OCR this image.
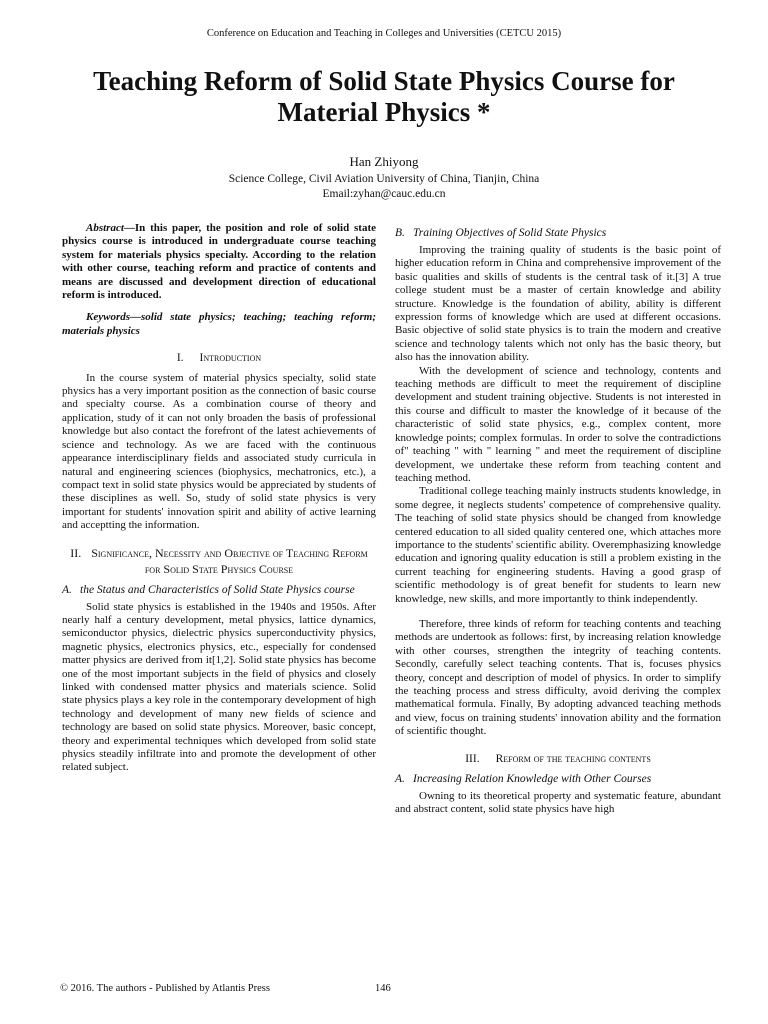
Conference on Education and Teaching in Colleges and Universities (CETCU 2015)
Teaching Reform of Solid State Physics Course for Material Physics *
Han Zhiyong
Science College, Civil Aviation University of China, Tianjin, China
Email:zyhan@cauc.edu.cn

Abstract—In this paper, the position and role of solid state physics course is introduced in undergraduate course teaching system for materials physics specialty. According to the relation with other course, teaching reform and practice of contents and means are discussed and development direction of educational reform is introduced.

Keywords—solid state physics; teaching; teaching reform; materials physics

I. Introduction

In the course system of material physics specialty, solid state physics has a very important position as the connection of basic course and specialty course. As a combination course of theory and application, study of it can not only broaden the basis of professional knowledge but also contact the forefront of the latest achievements of science and technology. As we are faced with the continuous appearance interdisciplinary fields and associated study curricula in natural and engineering sciences (biophysics, mechatronics, etc.), a compact text in solid state physics would be appreciated by students of these disciplines as well. So, study of solid state physics is very important for students' innovation spirit and ability of active learning and acceptting the information.

II. Significance, Necessity and Objective of Teaching Reform for Solid State Physics Course
A. the Status and Characteristics of Solid State Physics course

Solid state physics is established in the 1940s and 1950s. After nearly half a century development, metal physics, lattice dynamics, semiconductor physics, dielectric physics superconductivity physics, magnetic physics, electronics physics, etc., especially for condensed matter physics are derived from it[1,2]. Solid state physics has become one of the most important subjects in the field of physics and closely linked with condensed matter physics and materials science. Solid state physics plays a key role in the contemporary development of high technology and development of many new fields of science and technology are based on solid state physics. Moreover, basic concept, theory and experimental techniques which developed from solid state physics steadily infiltrate into and promote the development of other related subject.

B. Training Objectives of Solid State Physics

Improving the training quality of students is the basic point of higher education reform in China and comprehensive improvement of the basic qualities and skills of students is the central task of it.[3] A true college student must be a master of certain knowledge and ability structure. Knowledge is the foundation of ability, ability is different expression forms of knowledge which are used at different occasions. Basic objective of solid state physics is to train the modern and creative science and technology talents which not only has the basic theory, but also has the innovation ability.

With the development of science and technology, contents and teaching methods are difficult to meet the requirement of discipline development and student training objective. Students is not interested in this course and difficult to master the knowledge of it because of the characteristic of solid state physics, e.g., complex content, more knowledge points; complex formulas. In order to solve the contradictions of" teaching " with " learning " and meet the requirement of discipline development, we undertake these reform from teaching content and teaching method.

Traditional college teaching mainly instructs students knowledge, in some degree, it neglects students' competence of comprehensive quality. The teaching of solid state physics should be changed from knowledge centered education to all sided quality centered one, which attaches more importance to the students' scientific ability. Overemphasizing knowledge education and ignoring quality education is still a problem existing in the current teaching for engineering students. Having a good grasp of scientific methodology is of great benefit for students to learn new knowledge, new skills, and more importantly to think independently.

Therefore, three kinds of reform for teaching contents and teaching methods are undertook as follows: first, by increasing relation knowledge with other courses, strengthen the integrity of teaching contents. Secondly, carefully select teaching contents. That is, focuses physics theory, concept and description of model of physics. In order to simplify the teaching process and stress difficulty, avoid deriving the complex mathematical formula. Finally, By adopting advanced teaching methods and view, focus on training students' innovation ability and the formation of scientific thought.

III. Reform of the teaching contents
A. Increasing Relation Knowledge with Other Courses

Owning to its theoretical property and systematic feature, abundant and abstract content, solid state physics have high

© 2016. The authors - Published by Atlantis Press	146
